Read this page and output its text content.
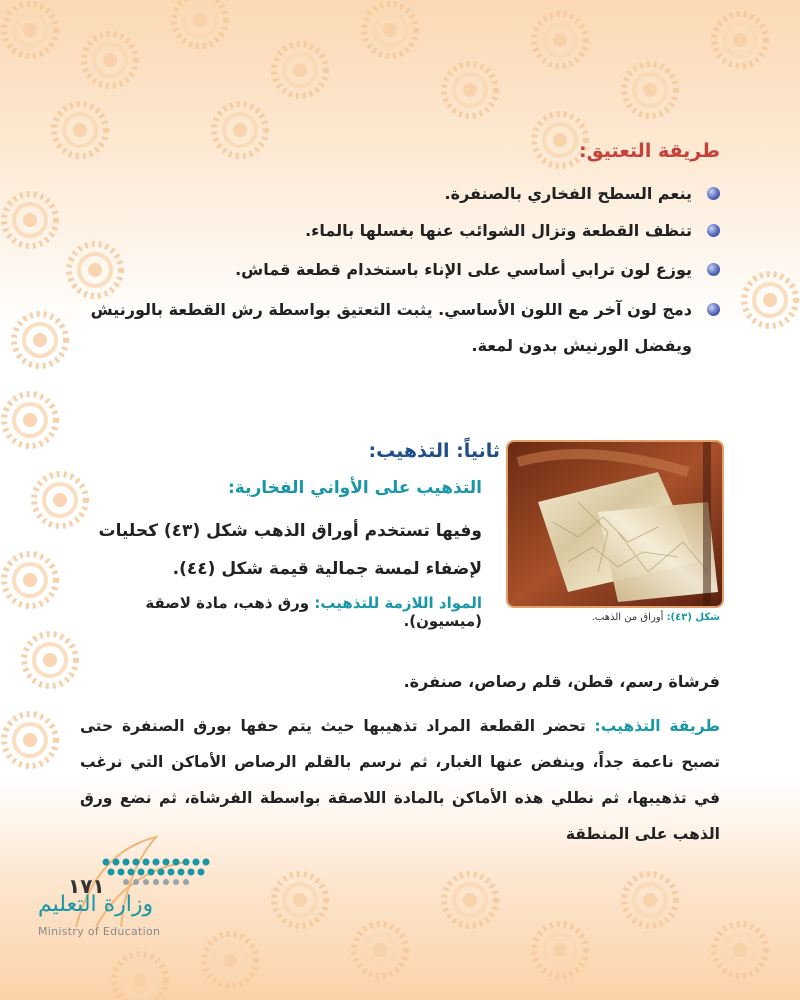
طريقة التعتيق:
ينعم السطح الفخاري بالصنفرة.
تنظف القطعة وتزال الشوائب عنها بغسلها بالماء.
يوزع لون ترابي أساسي على الإناء باستخدام قطعة قماش.
دمج لون آخر مع اللون الأساسي. يثبت التعتيق بواسطة رش القطعة بالورنيش ويفضل الورنيش بدون لمعة.
ثانياً: التذهيب:
التذهيب على الأواني الفخارية:
وفيها تستخدم أوراق الذهب شكل (٤٣) كحليات لإضفاء لمسة جمالية قيمة شكل (٤٤).
المواد اللازمة للتذهيب: ورق ذهب، مادة لاصقة (ميسيون).
فرشاة رسم، قطن، قلم رصاص، صنفرة.
طريقة التذهيب: تحضر القطعة المراد تذهيبها حيث يتم حفها بورق الصنفرة حتى تصبح ناعمة جداً، وينفض عنها الغبار، ثم نرسم بالقلم الرصاص الأماكن التي نرغب في تذهيبها، ثم نطلي هذه الأماكن بالمادة اللاصقة بواسطة الفرشاة، ثم نضع ورق الذهب على المنطقة
شكل (٤٣): أوراق من الذهب.
١٧١
وزارة التعليم
Ministry of Education
